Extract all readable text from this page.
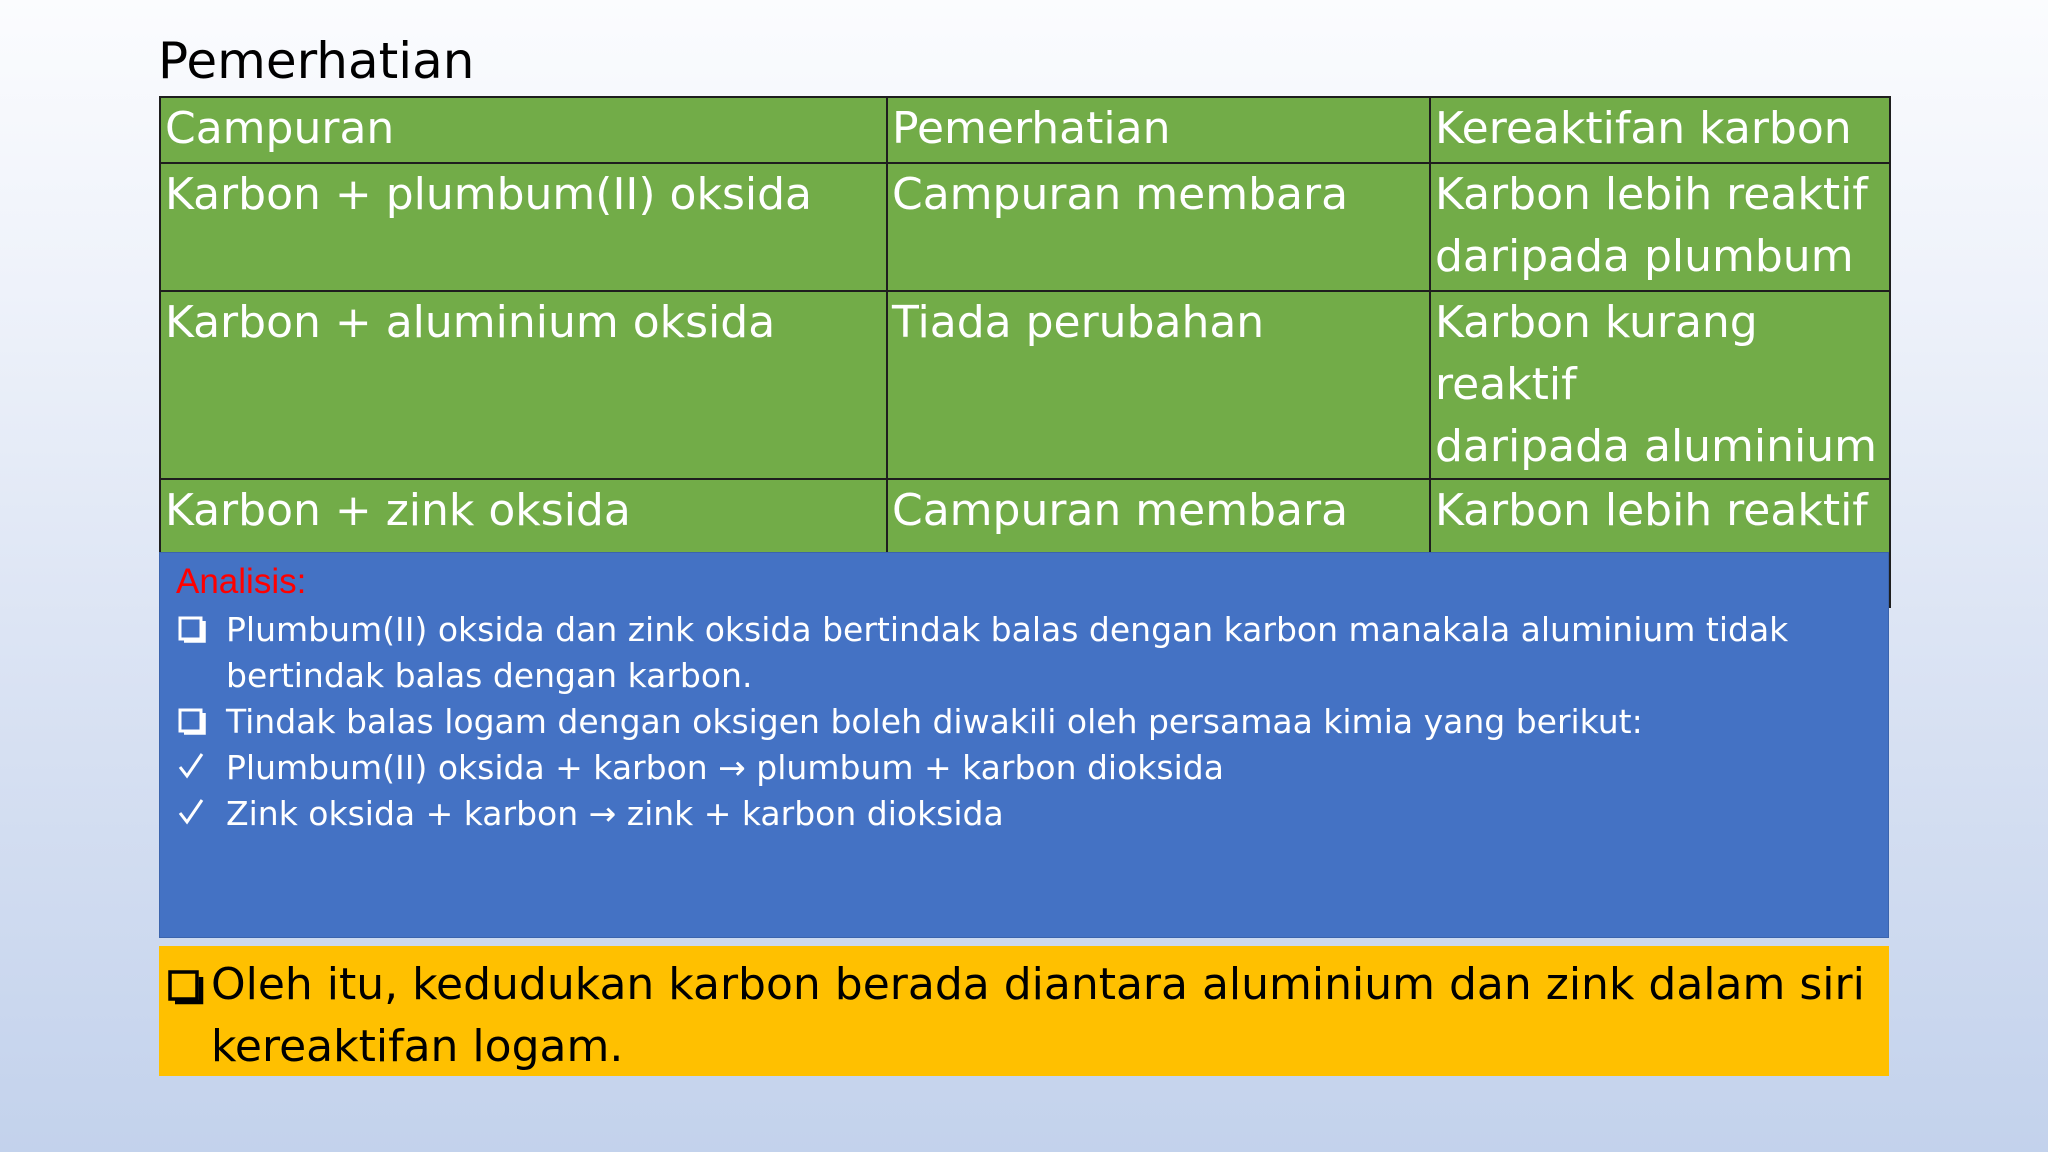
Pemerhatian
Campuran	Pemerhatian	Kereaktifan karbon
Karbon + plumbum(II) oksida	Campuran membara	Karbon lebih reaktif
daripada plumbum
Karbon + aluminium oksida	Tiada perubahan	Karbon kurang reaktif
daripada aluminium
Karbon + zink oksida	Campuran membara	Karbon lebih reaktif

Analisis:
Plumbum(II) oksida dan zink oksida bertindak balas dengan karbon manakala aluminium tidak bertindak balas dengan karbon.
Tindak balas logam dengan oksigen boleh diwakili oleh persamaa kimia yang berikut:
Plumbum(II) oksida + karbon → plumbum + karbon dioksida
Zink oksida + karbon → zink + karbon dioksida
Oleh itu, kedudukan karbon berada diantara aluminium dan zink dalam siri kereaktifan logam.
